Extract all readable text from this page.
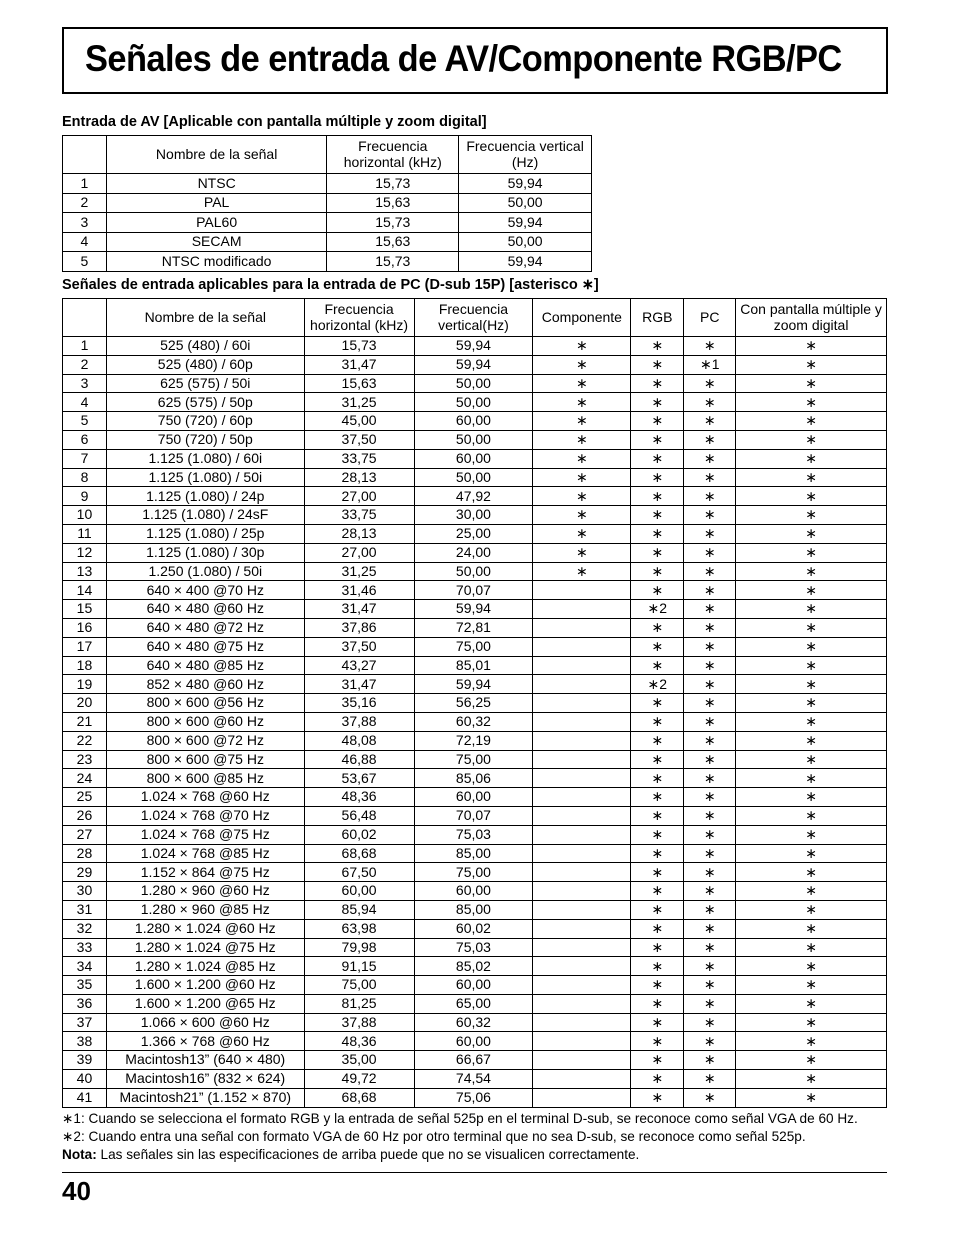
Señales de entrada de AV/Componente RGB/PC
Entrada de AV [Aplicable con pantalla múltiple y zoom digital]
	Nombre de la señal	Frecuencia horizontal (kHz)	Frecuencia vertical (Hz)
1	NTSC	15,73	59,94
2	PAL	15,63	50,00
3	PAL60	15,73	59,94
4	SECAM	15,63	50,00
5	NTSC modificado	15,73	59,94
Señales de entrada aplicables para la entrada de PC (D-sub 15P) [asterisco ∗]
	Nombre de la señal	Frecuencia horizontal (kHz)	Frecuencia vertical(Hz)	Componente	RGB	PC	Con pantalla múltiple y zoom digital
1	525 (480) / 60i	15,73	59,94	∗	∗	∗	∗
2	525 (480) / 60p	31,47	59,94	∗	∗	∗1	∗
3	625 (575) / 50i	15,63	50,00	∗	∗	∗	∗
4	625 (575) / 50p	31,25	50,00	∗	∗	∗	∗
5	750 (720) / 60p	45,00	60,00	∗	∗	∗	∗
6	750 (720) / 50p	37,50	50,00	∗	∗	∗	∗
7	1.125 (1.080) / 60i	33,75	60,00	∗	∗	∗	∗
8	1.125 (1.080) / 50i	28,13	50,00	∗	∗	∗	∗
9	1.125 (1.080) / 24p	27,00	47,92	∗	∗	∗	∗
10	1.125 (1.080) / 24sF	33,75	30,00	∗	∗	∗	∗
11	1.125 (1.080) / 25p	28,13	25,00	∗	∗	∗	∗
12	1.125 (1.080) / 30p	27,00	24,00	∗	∗	∗	∗
13	1.250 (1.080) / 50i	31,25	50,00	∗	∗	∗	∗
14	640 × 400 @70 Hz	31,46	70,07		∗	∗	∗
15	640 × 480 @60 Hz	31,47	59,94		∗2	∗	∗
16	640 × 480 @72 Hz	37,86	72,81		∗	∗	∗
17	640 × 480 @75 Hz	37,50	75,00		∗	∗	∗
18	640 × 480 @85 Hz	43,27	85,01		∗	∗	∗
19	852 × 480 @60 Hz	31,47	59,94		∗2	∗	∗
20	800 × 600 @56 Hz	35,16	56,25		∗	∗	∗
21	800 × 600 @60 Hz	37,88	60,32		∗	∗	∗
22	800 × 600 @72 Hz	48,08	72,19		∗	∗	∗
23	800 × 600 @75 Hz	46,88	75,00		∗	∗	∗
24	800 × 600 @85 Hz	53,67	85,06		∗	∗	∗
25	1.024 × 768 @60 Hz	48,36	60,00		∗	∗	∗
26	1.024 × 768 @70 Hz	56,48	70,07		∗	∗	∗
27	1.024 × 768 @75 Hz	60,02	75,03		∗	∗	∗
28	1.024 × 768 @85 Hz	68,68	85,00		∗	∗	∗
29	1.152 × 864 @75 Hz	67,50	75,00		∗	∗	∗
30	1.280 × 960 @60 Hz	60,00	60,00		∗	∗	∗
31	1.280 × 960 @85 Hz	85,94	85,00		∗	∗	∗
32	1.280 × 1.024 @60 Hz	63,98	60,02		∗	∗	∗
33	1.280 × 1.024 @75 Hz	79,98	75,03		∗	∗	∗
34	1.280 × 1.024 @85 Hz	91,15	85,02		∗	∗	∗
35	1.600 × 1.200 @60 Hz	75,00	60,00		∗	∗	∗
36	1.600 × 1.200 @65 Hz	81,25	65,00		∗	∗	∗
37	1.066 × 600 @60 Hz	37,88	60,32		∗	∗	∗
38	1.366 × 768 @60 Hz	48,36	60,00		∗	∗	∗
39	Macintosh13” (640 × 480)	35,00	66,67		∗	∗	∗
40	Macintosh16” (832 × 624)	49,72	74,54		∗	∗	∗
41	Macintosh21” (1.152 × 870)	68,68	75,06		∗	∗	∗
∗1: Cuando se selecciona el formato RGB y la entrada de señal 525p en el terminal D-sub, se reconoce como señal VGA de 60 Hz.
∗2: Cuando entra una señal con formato VGA de 60 Hz por otro terminal que no sea D-sub, se reconoce como señal 525p.
Nota: Las señales sin las especificaciones de arriba puede que no se visualicen correctamente.
40
